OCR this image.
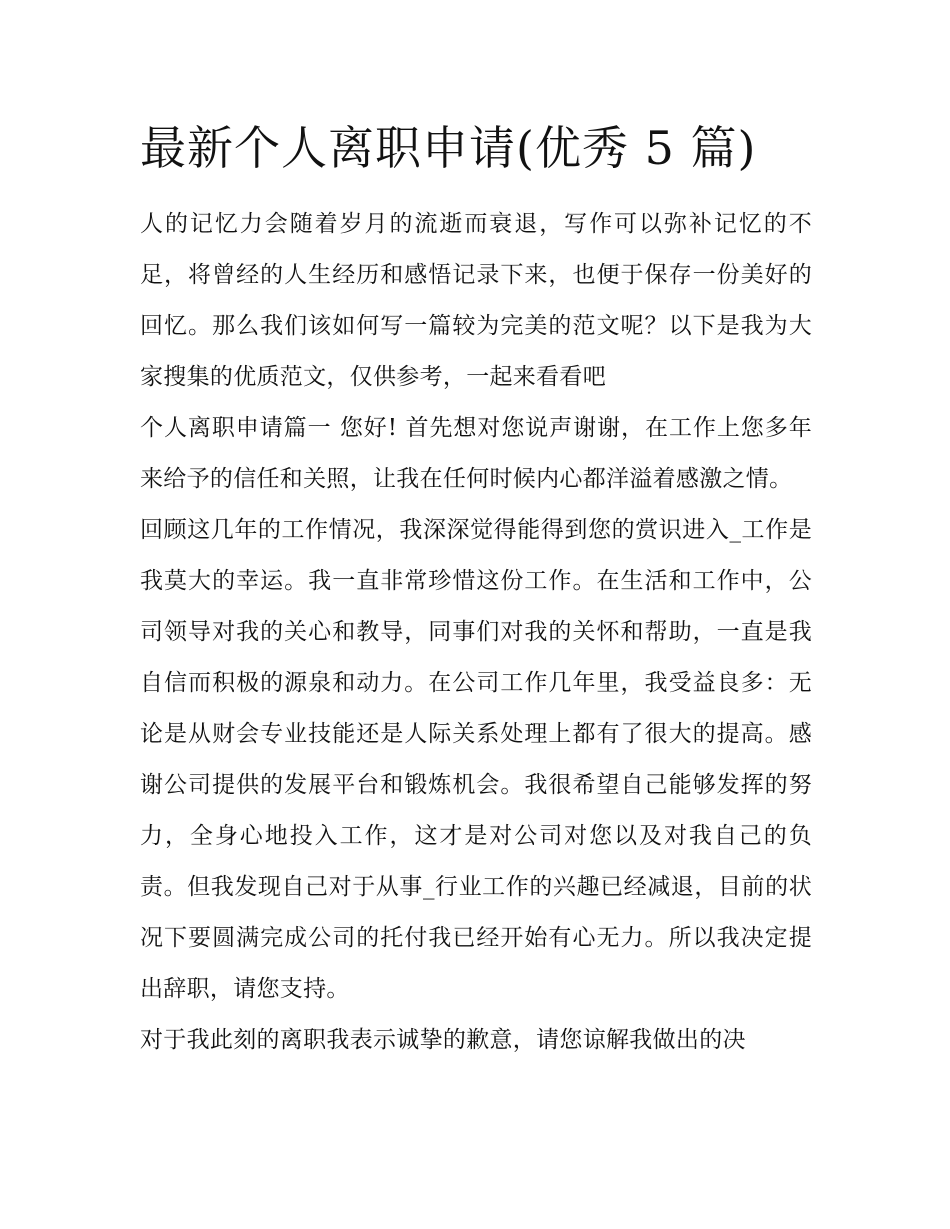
最新个人离职申请(优秀 5 篇)

人的记忆力会随着岁月的流逝而衰退，写作可以弥补记忆的不足，将曾经的人生经历和感悟记录下来，也便于保存一份美好的回忆。那么我们该如何写一篇较为完美的范文呢？以下是我为大家搜集的优质范文，仅供参考，一起来看看吧

个人离职申请篇一 您好! 首先想对您说声谢谢，在工作上您多年来给予的信任和关照，让我在任何时候内心都洋溢着感激之情。

回顾这几年的工作情况，我深深觉得能得到您的赏识进入_工作是我莫大的幸运。我一直非常珍惜这份工作。在生活和工作中，公司领导对我的关心和教导，同事们对我的关怀和帮助，一直是我自信而积极的源泉和动力。在公司工作几年里，我受益良多：无论是从财会专业技能还是人际关系处理上都有了很大的提高。感谢公司提供的发展平台和锻炼机会。我很希望自己能够发挥的努力，全身心地投入工作，这才是对公司对您以及对我自己的负责。但我发现自己对于从事_行业工作的兴趣已经减退，目前的状况下要圆满完成公司的托付我已经开始有心无力。所以我决定提出辞职，请您支持。

对于我此刻的离职我表示诚挚的歉意，请您谅解我做出的决
